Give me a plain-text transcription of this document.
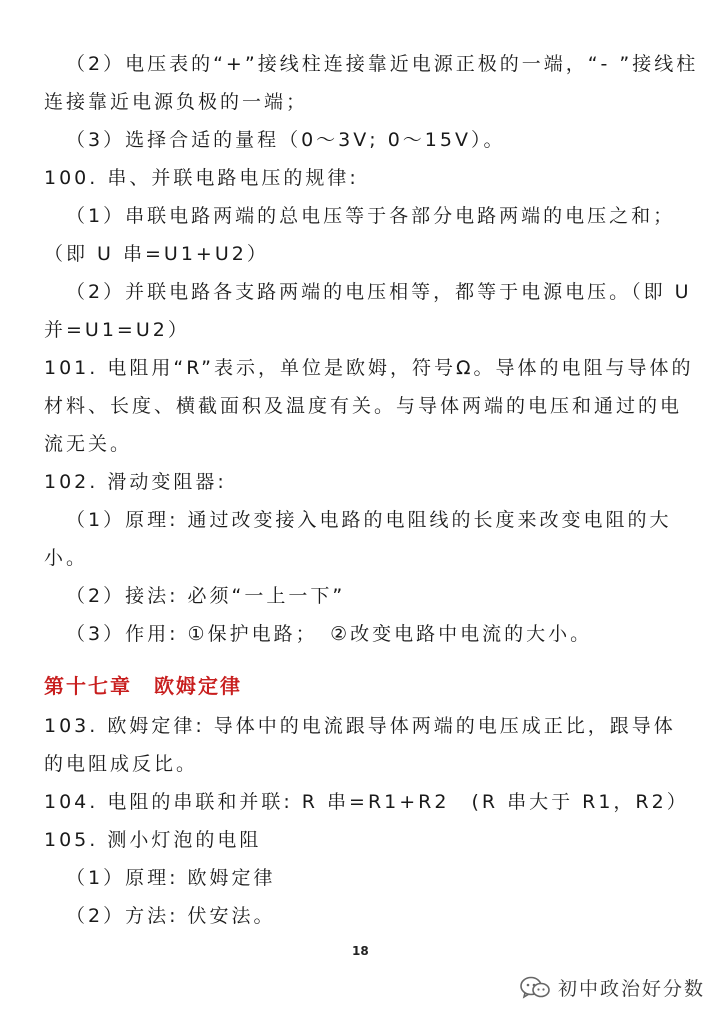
（2）电压表的“+”接线柱连接靠近电源正极的一端，“- ”接线柱
连接靠近电源负极的一端；
（3）选择合适的量程（0～3V; 0～15V）。
100. 串、并联电路电压的规律:
（1）串联电路两端的总电压等于各部分电路两端的电压之和；
（即 U 串=U1+U2）
（2）并联电路各支路两端的电压相等，都等于电源电压。（即 U
并=U1=U2）
101. 电阻用“R”表示，单位是欧姆，符号Ω。导体的电阻与导体的
材料、长度、横截面积及温度有关。与导体两端的电压和通过的电
流无关。
102. 滑动变阻器:
（1）原理: 通过改变接入电路的电阻线的长度来改变电阻的大
小。
（2）接法: 必须“一上一下”
（3）作用: ①保护电路；　②改变电路中电流的大小。
第十七章　欧姆定律
103. 欧姆定律: 导体中的电流跟导体两端的电压成正比，跟导体
的电阻成反比。
104. 电阻的串联和并联: R 串=R1+R2　(R 串大于 R1，R2）
105. 测小灯泡的电阻
（1）原理: 欧姆定律
（2）方法: 伏安法。
18
初中政治好分数
